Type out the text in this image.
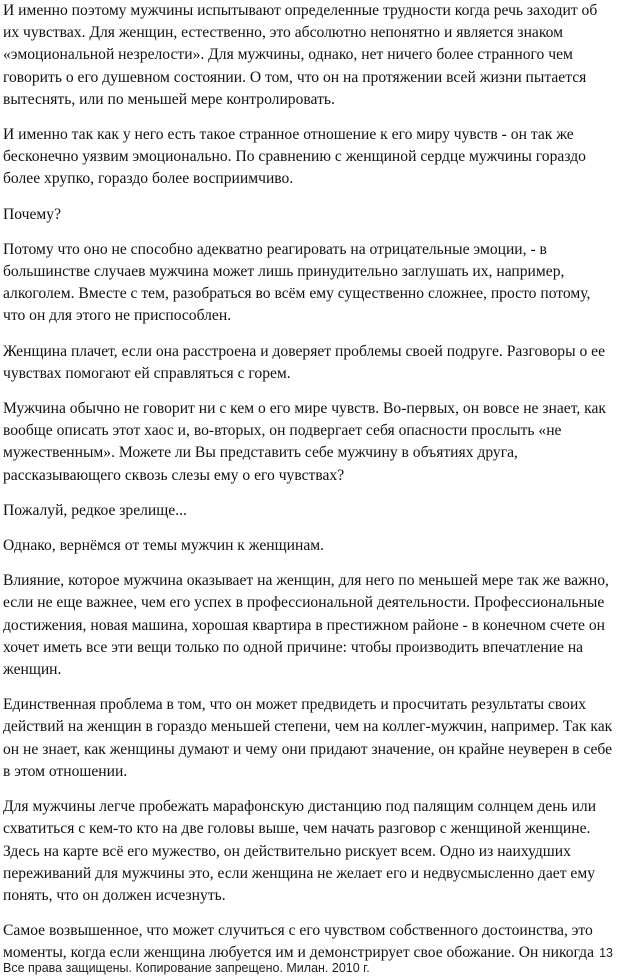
И именно поэтому мужчины испытывают определенные трудности когда речь заходит об их чувствах. Для женщин, естественно, это абсолютно непонятно и является знаком «эмоциональной незрелости». Для мужчины, однако, нет ничего более странного чем говорить о его душевном состоянии. О том, что он на протяжении всей жизни пытается вытеснять, или по меньшей мере контролировать.

И именно так как у него есть такое странное отношение к его миру чувств - он так же бесконечно уязвим эмоционально. По сравнению с женщиной сердце мужчины гораздо более хрупко, гораздо более восприимчиво.

Почему?

Потому что оно не способно адекватно реагировать на отрицательные эмоции, - в большинстве случаев мужчина может лишь принудительно заглушать их, например, алкоголем. Вместе с тем, разобраться во всём ему существенно сложнее, просто потому, что он для этого не приспособлен.

Женщина плачет, если она расстроена и доверяет проблемы своей подруге. Разговоры о ее чувствах помогают ей справляться с горем.

Мужчина обычно не говорит ни с кем о его мире чувств. Во-первых, он вовсе не знает, как вообще описать этот хаос и, во-вторых, он подвергает себя опасности прослыть «не мужественным». Можете ли Вы представить себе мужчину в объятиях друга, рассказывающего сквозь слезы ему о его чувствах?

Пожалуй, редкое зрелище...

Однако, вернёмся от темы мужчин к женщинам.

Влияние, которое мужчина оказывает на женщин, для него по меньшей мере так же важно, если не еще важнее, чем его успех в профессиональной деятельности. Профессиональные достижения, новая машина, хорошая квартира в престижном районе - в конечном счете он хочет иметь все эти вещи только по одной причине: чтобы производить впечатление на женщин.

Единственная проблема в том, что он может предвидеть и просчитать результаты своих действий на женщин в гораздо меньшей степени, чем на коллег-мужчин, например. Так как он не знает, как женщины думают и чему они придают значение, он крайне неуверен в себе в этом отношении.

Для мужчины легче пробежать марафонскую дистанцию под палящим солнцем день или схватиться с кем-то кто на две головы выше, чем начать разговор с женщиной женщине. Здесь на карте всё его мужество, он действительно рискует всем. Одно из наихудших переживаний для мужчины это, если женщина не желает его и недвусмысленно дает ему понять, что он должен исчезнуть.

Самое возвышенное, что может случиться с его чувством собственного достоинства, это моменты, когда если женщина любуется им и демонстрирует свое обожание. Он никогда

Все права защищены. Копирование запрещено. Милан. 2010 г.
13
